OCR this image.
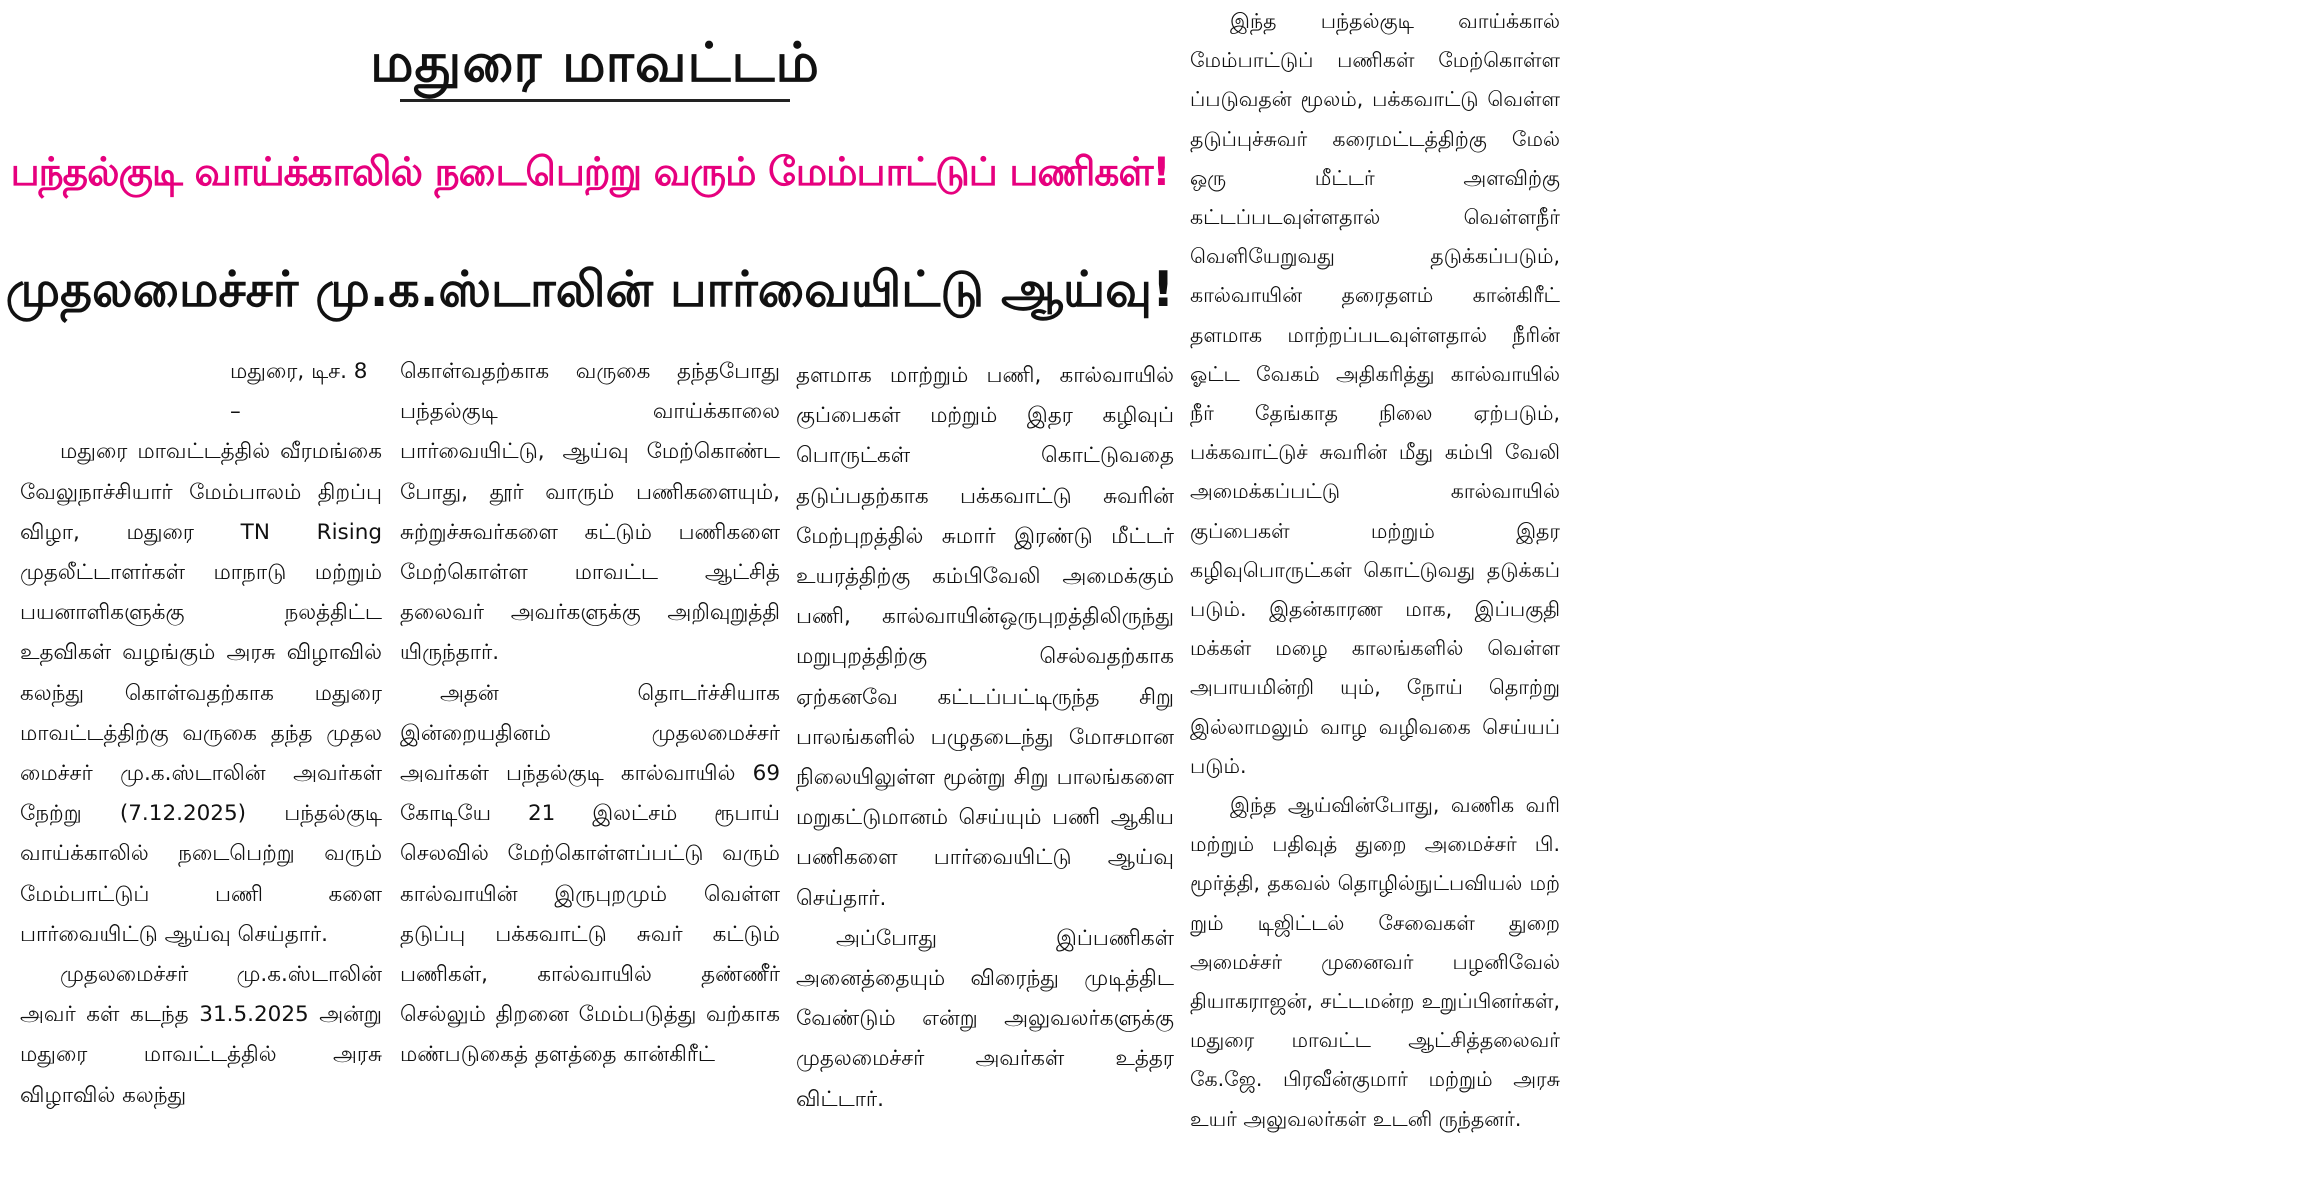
மதுரை மாவட்டம்
பந்தல்குடி வாய்க்காலில் நடைபெற்று வரும் மேம்பாட்டுப் பணிகள்!
முதலமைச்சர் மு.க.ஸ்டாலின் பார்வையிட்டு ஆய்வு!

மதுரை, டிச. 8 –

மதுரை மாவட்டத்தில் வீரமங்கை வேலுநாச்சியார் மேம்பாலம் திறப்பு விழா, மதுரை TN Rising முதலீட்டாளர்கள் மாநாடு மற்றும் பயனாளிகளுக்கு நலத்திட்ட உதவிகள் வழங்கும் அரசு விழாவில் கலந்து கொள்வதற்காக மதுரை மாவட்டத்திற்கு வருகை தந்த முதல மைச்சர் மு.க.ஸ்டாலின் அவர்கள் நேற்று (7.12.2025) பந்தல்குடி வாய்க்காலில் நடைபெற்று வரும் மேம்பாட்டுப் பணி களை பார்வையிட்டு ஆய்வு செய்தார்.

முதலமைச்சர் மு.க.ஸ்டாலின் அவர் கள் கடந்த 31.5.2025 அன்று மதுரை மாவட்டத்தில் அரசு விழாவில் கலந்து

கொள்வதற்காக வருகை தந்தபோது பந்தல்குடி வாய்க்காலை பார்வையிட்டு, ஆய்வு மேற்கொண்ட போது, தூர் வாரும் பணிகளையும், சுற்றுச்சுவர்களை கட்டும் பணிகளை மேற்கொள்ள மாவட்ட ஆட்சித் தலைவர் அவர்களுக்கு அறிவுறுத்தி யிருந்தார்.

அதன் தொடர்ச்சியாக இன்றையதினம் முதலமைச்சர் அவர்கள் பந்தல்குடி கால்வாயில் 69 கோடியே 21 இலட்சம் ரூபாய் செலவில் மேற்கொள்ளப்பட்டு வரும் கால்வாயின் இருபுறமும் வெள்ள தடுப்பு பக்கவாட்டு சுவர் கட்டும் பணிகள், கால்வாயில் தண்ணீர் செல்லும் திறனை மேம்படுத்து வற்காக மண்படுகைத் தளத்தை கான்கிரீட்

தளமாக மாற்றும் பணி, கால்வாயில் குப்பைகள் மற்றும் இதர கழிவுப் பொருட்கள் கொட்டுவதை தடுப்பதற்காக பக்கவாட்டு சுவரின் மேற்புறத்தில் சுமார் இரண்டு மீட்டர் உயரத்திற்கு கம்பிவேலி அமைக்கும் பணி, கால்வாயின்ஒருபுறத்திலிருந்து மறுபுறத்திற்கு செல்வதற்காக ஏற்கனவே கட்டப்பட்டிருந்த சிறு பாலங்களில் பழுதடைந்து மோசமான நிலையிலுள்ள மூன்று சிறு பாலங்களை மறுகட்டுமானம் செய்யும் பணி ஆகிய பணிகளை பார்வையிட்டு ஆய்வு செய்தார்.

அப்போது இப்பணிகள் அனைத்தையும் விரைந்து முடித்திட வேண்டும் என்று அலுவலர்களுக்கு முதலமைச்சர் அவர்கள் உத்தர விட்டார்.

இந்த பந்தல்குடி வாய்க்கால் மேம்பாட்டுப் பணிகள் மேற்கொள்ள ப்படுவதன் மூலம், பக்கவாட்டு வெள்ள தடுப்புச்சுவர் கரைமட்டத்திற்கு மேல் ஒரு மீட்டர் அளவிற்கு கட்டப்படவுள்ளதால் வெள்ளநீர் வெளியேறுவது தடுக்கப்படும், கால்வாயின் தரைதளம் கான்கிரீட் தளமாக மாற்றப்படவுள்ளதால் நீரின் ஓட்ட வேகம் அதிகரித்து கால்வாயில் நீர் தேங்காத நிலை ஏற்படும், பக்கவாட்டுச் சுவரின் மீது கம்பி வேலி அமைக்கப்பட்டு கால்வாயில் குப்பைகள் மற்றும் இதர கழிவுபொருட்கள் கொட்டுவது தடுக்கப் படும். இதன்காரண மாக, இப்பகுதி மக்கள் மழை காலங்களில் வெள்ள அபாயமின்றி யும், நோய் தொற்று இல்லாமலும் வாழ வழிவகை செய்யப் படும்.

இந்த ஆய்வின்போது, வணிக வரி மற்றும் பதிவுத் துறை அமைச்சர் பி. மூர்த்தி, தகவல் தொழில்நுட்பவியல் மற் றும் டிஜிட்டல் சேவைகள் துறை அமைச்சர் முனைவர் பழனிவேல் தியாகராஜன், சட்டமன்ற உறுப்பினர்கள், மதுரை மாவட்ட ஆட்சித்தலைவர் கே.ஜே. பிரவீன்குமார் மற்றும் அரசு உயர் அலுவலர்கள் உடனி ருந்தனர்.
